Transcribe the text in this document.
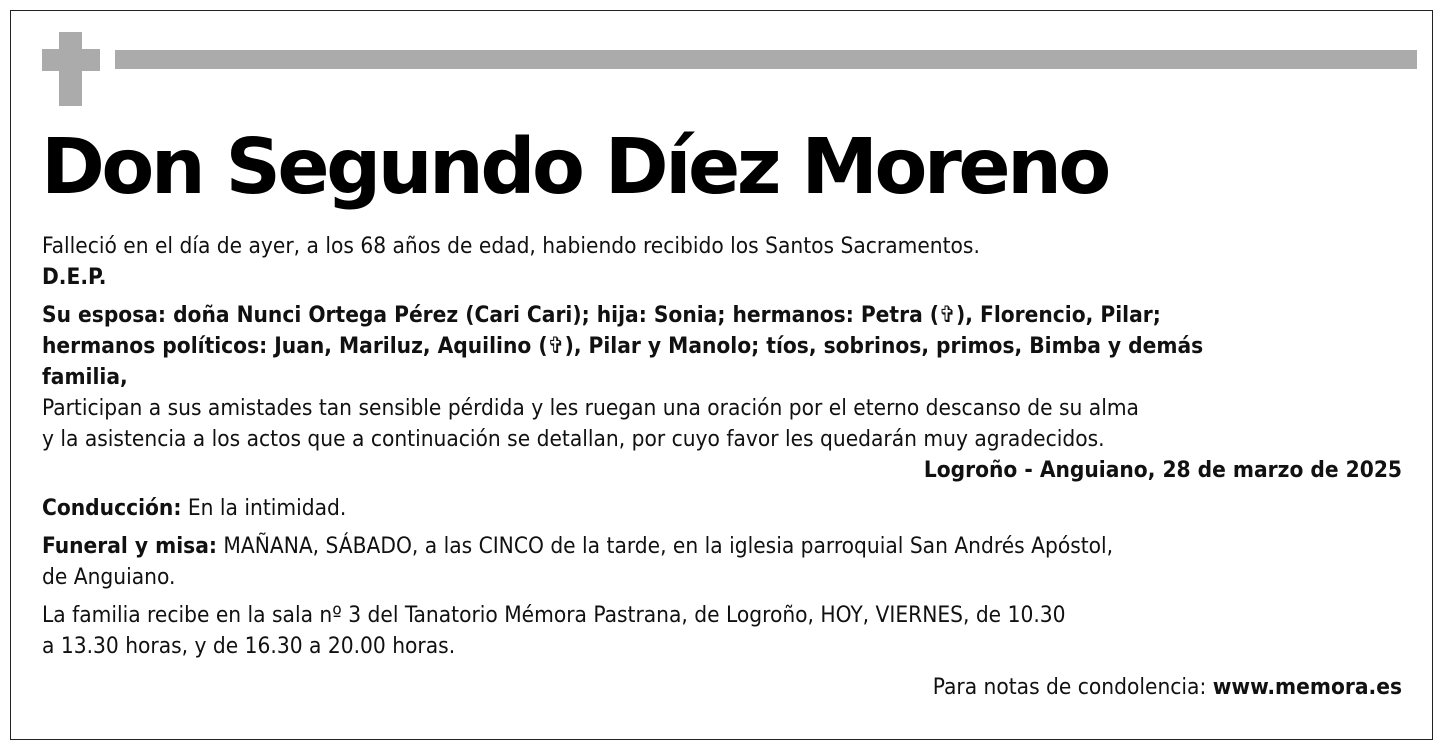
Don Segundo Díez Moreno
Falleció en el día de ayer, a los 68 años de edad, habiendo recibido los Santos Sacramentos.
D.E.P.
Su esposa: doña Nunci Ortega Pérez (Cari Cari); hija: Sonia; hermanos: Petra (✞), Florencio, Pilar;
hermanos políticos: Juan, Mariluz, Aquilino (✞), Pilar y Manolo; tíos, sobrinos, primos, Bimba y demás
familia,
Participan a sus amistades tan sensible pérdida y les ruegan una oración por el eterno descanso de su alma
y la asistencia a los actos que a continuación se detallan, por cuyo favor les quedarán muy agradecidos.
Logroño - Anguiano, 28 de marzo de 2025
Conducción: En la intimidad.
Funeral y misa: MAÑANA, SÁBADO, a las CINCO de la tarde, en la iglesia parroquial San Andrés Apóstol,
de Anguiano.
La familia recibe en la sala nº 3 del Tanatorio Mémora Pastrana, de Logroño, HOY, VIERNES, de 10.30
a 13.30 horas, y de 16.30 a 20.00 horas.
Para notas de condolencia: www.memora.es
